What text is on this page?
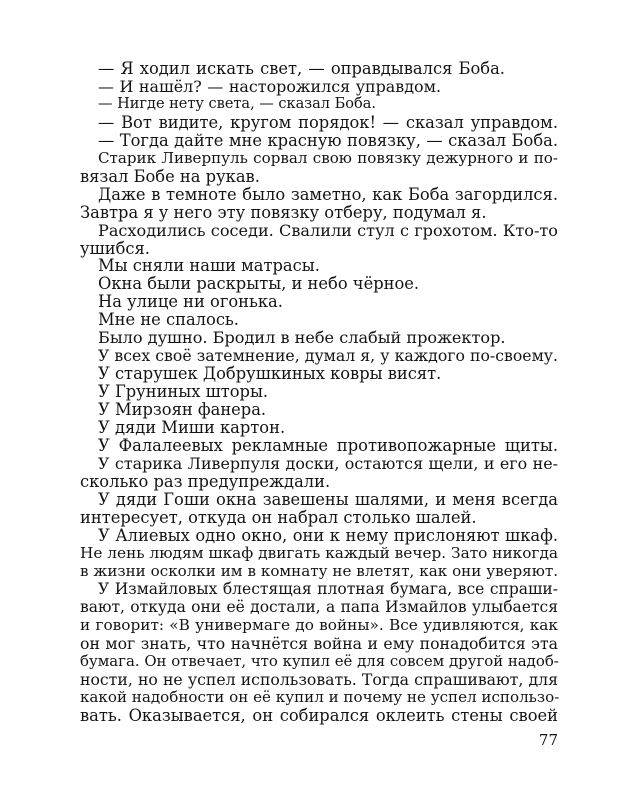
— Я ходил искать свет, — оправдывался Боба.
— И нашёл? — насторожился управдом.
— Нигде нету света, — сказал Боба.
— Вот видите, кругом порядок! — сказал управдом.
— Тогда дайте мне красную повязку, — сказал Боба.
Старик Ливерпуль сорвал свою повязку дежурного и по-
вязал Бобе на рукав.
Даже в темноте было заметно, как Боба загордился.
Завтра я у него эту повязку отберу, подумал я.
Расходились соседи. Свалили стул с грохотом. Кто-то
ушибся.
Мы сняли наши матрасы.
Окна были раскрыты, и небо чёрное.
На улице ни огонька.
Мне не спалось.
Было душно. Бродил в небе слабый прожектор.
У всех своё затемнение, думал я, у каждого по-своему.
У старушек Добрушкиных ковры висят.
У Груниных шторы.
У Мирзоян фанера.
У дяди Миши картон.
У Фалалеевых рекламные противопожарные щиты.
У старика Ливерпуля доски, остаются щели, и его не-
сколько раз предупреждали.
У дяди Гоши окна завешены шалями, и меня всегда
интересует, откуда он набрал столько шалей.
У Алиевых одно окно, они к нему прислоняют шкаф.
Не лень людям шкаф двигать каждый вечер. Зато никогда
в жизни осколки им в комнату не влетят, как они уверяют.
У Измайловых блестящая плотная бумага, все спраши-
вают, откуда они её достали, а папа Измайлов улыбается
и говорит: «В универмаге до войны». Все удивляются, как
он мог знать, что начнётся война и ему понадобится эта
бумага. Он отвечает, что купил её для совсем другой надоб-
ности, но не успел использовать. Тогда спрашивают, для
какой надобности он её купил и почему не успел использо-
вать. Оказывается, он собирался оклеить стены своей
77
